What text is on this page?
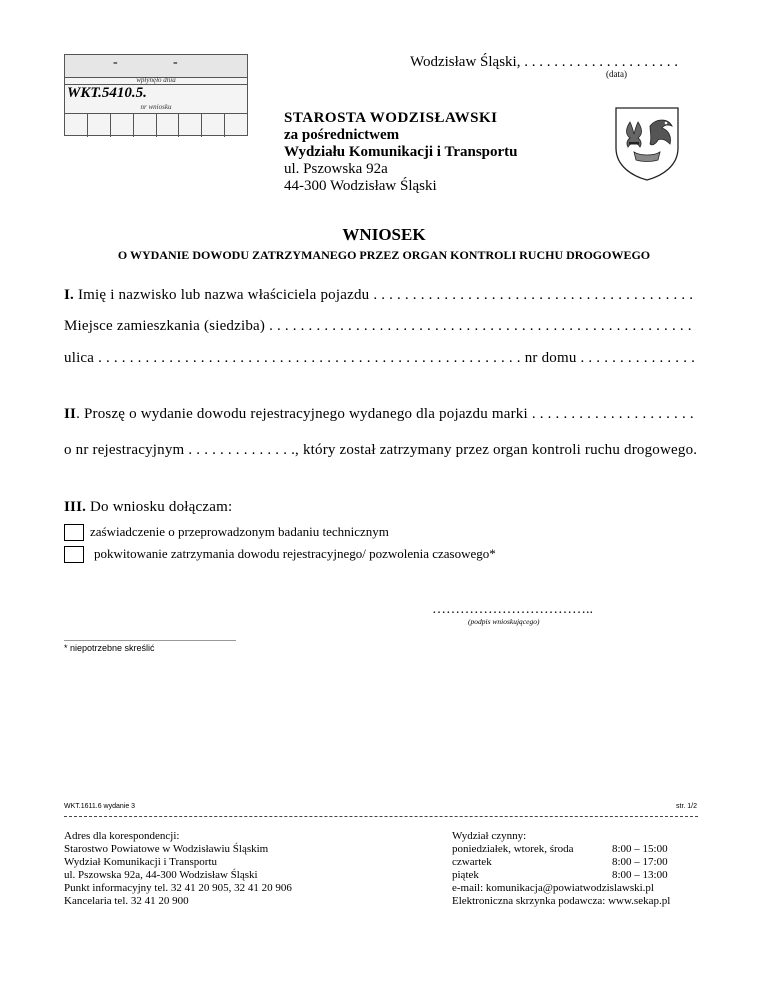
-	-
wpłynęło dnia
WKT.5410.5.
nr wniosku
Wodzisław Śląski, . . . . . . . . . . . . . . . . . . . . .
(data)
STAROSTA WODZISŁAWSKI
za pośrednictwem
Wydziału Komunikacji i Transportu
ul. Pszowska 92a
44-300 Wodzisław Śląski
WNIOSEK
O WYDANIE DOWODU ZATRZYMANEGO PRZEZ ORGAN KONTROLI RUCHU DROGOWEGO
I. Imię i nazwisko lub nazwa właściciela pojazdu . . . . . . . . . . . . . . . . . . . . . . . . . . . . . . . . . . . . . . . . .
Miejsce zamieszkania (siedziba) . . . . . . . . . . . . . . . . . . . . . . . . . . . . . . . . . . . . . . . . . . . . . . . . . . . . . .
ulica . . . . . . . . . . . . . . . . . . . . . . . . . . . . . . . . . . . . . . . . . . . . . . . . . . . . . . nr domu . . . . . . . . . . . . . . .
II. Proszę o wydanie dowodu rejestracyjnego wydanego dla pojazdu marki . . . . . . . . . . . . . . . . . . . . .
o nr rejestracyjnym . . . . . . . . . . . . . ., który został zatrzymany przez organ kontroli ruchu drogowego.
III. Do wniosku dołączam:
zaświadczenie o przeprowadzonym badaniu technicznym
pokwitowanie zatrzymania dowodu rejestracyjnego/ pozwolenia czasowego*
……………………………..
(podpis wnioskującego)
* niepotrzebne skreślić
WKT.1611.6 wydanie 3	str. 1/2
Adres dla korespondencji:
Starostwo Powiatowe w Wodzisławiu Śląskim
Wydział Komunikacji i Transportu
ul. Pszowska 92a, 44-300 Wodzisław Śląski
Punkt informacyjny tel. 32 41 20 905, 32 41 20 906
Kancelaria tel. 32 41 20 900
Wydział czynny:
poniedziałek, wtorek, środa	8:00 – 15:00
czwartek	8:00 – 17:00
piątek	8:00 – 13:00
e-mail: komunikacja@powiatwodzislawski.pl
Elektroniczna skrzynka podawcza: www.sekap.pl
